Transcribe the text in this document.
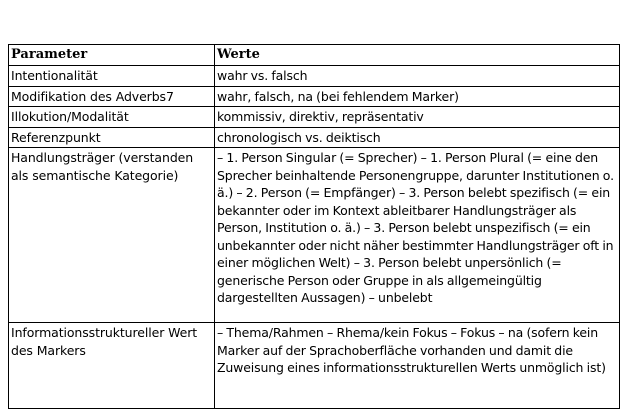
Parameter	Werte
Intentionalität	wahr vs. falsch
Modifikation des Adverbs7	wahr, falsch, na (bei fehlendem Marker)
Illokution/Modalität	kommissiv, direktiv, repräsentativ
Referenzpunkt	chronologisch vs. deiktisch
Handlungsträger (verstanden als semantische Kategorie)	– 1. Person Singular (= Sprecher) – 1. Person Plural (= eine den Sprecher beinhaltende Personengruppe, darunter Institutionen o. ä.) – 2. Person (= Empfänger) – 3. Person belebt spezifisch (= ein bekannter oder im Kontext ableitbarer Handlungsträger als Person, Institution o. ä.) – 3. Person belebt unspezifisch (= ein unbekannter oder nicht näher bestimmter Handlungsträger oft in einer möglichen Welt) – 3. Person belebt unpersönlich (= generische Person oder Gruppe in als allgemeingültig dargestellten Aussagen) – unbelebt
Informationsstruktureller Wert des Markers	– Thema/Rahmen – Rhema/kein Fokus – Fokus – na (sofern kein Marker auf der Sprachoberfläche vorhanden und damit die Zuweisung eines informationsstrukturellen Werts unmöglich ist)
